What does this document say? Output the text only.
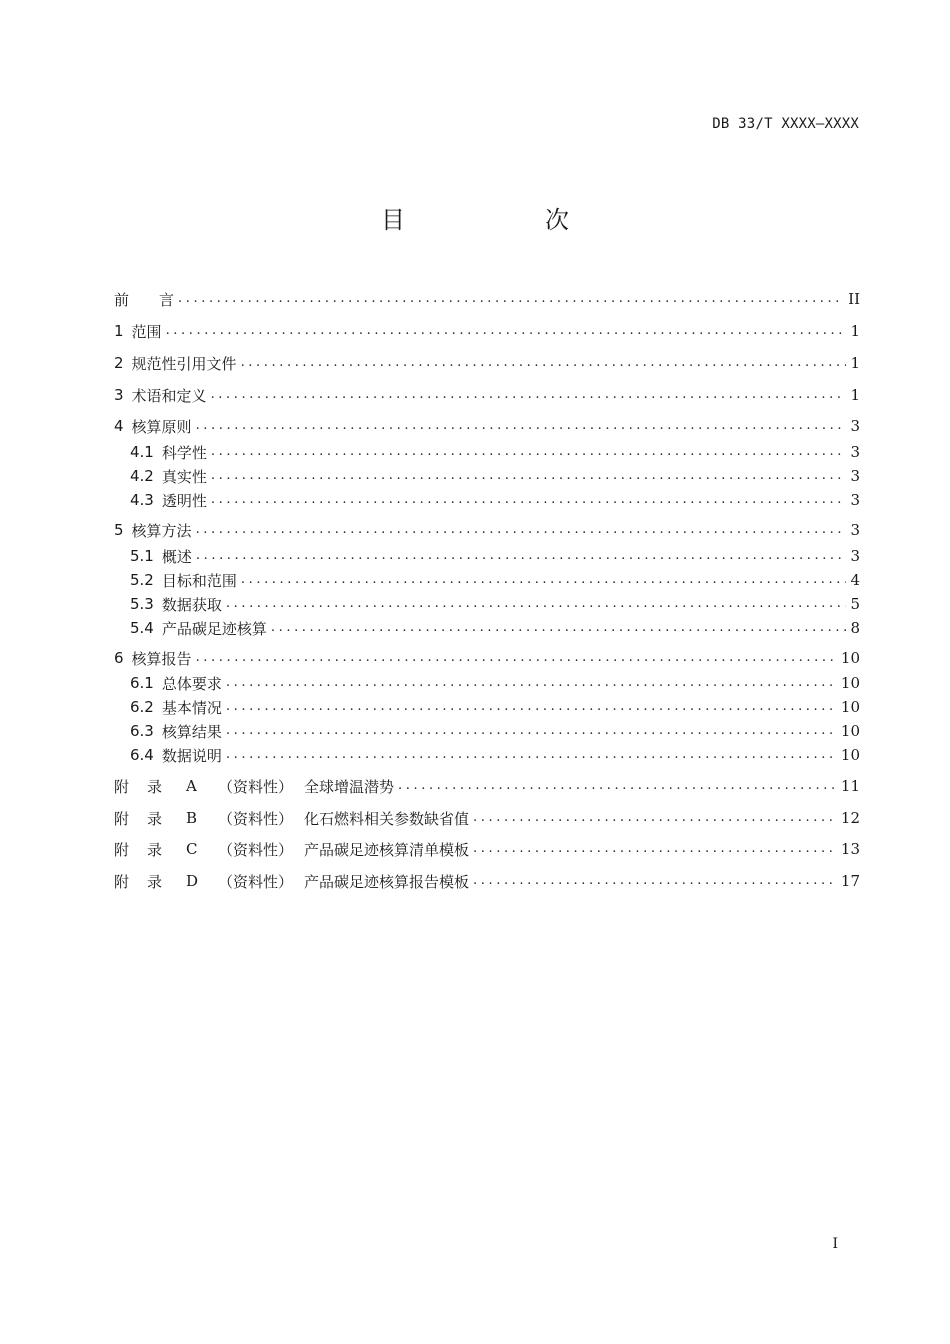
DB 33/T XXXX—XXXX
目　次
前　　言 .....	II
1 范围 .....	1
2 规范性引用文件 .....	1
3 术语和定义 .....	1
4 核算原则 .....	3
4.1 科学性 .....	3
4.2 真实性 .....	3
4.3 透明性 .....	3
5 核算方法 .....	3
5.1 概述 .....	3
5.2 目标和范围 .....	4
5.3 数据获取 .....	5
5.4 产品碳足迹核算 .....	8
6 核算报告 .....	10
6.1 总体要求 .....	10
6.2 基本情况 .....	10
6.3 核算结果 .....	10
6.4 数据说明 .....	10
附录 A	（资料性） 全球增温潜势 .....	11
附录 B	（资料性） 化石燃料相关参数缺省值 .....	12
附录 C	（资料性） 产品碳足迹核算清单模板 .....	13
附录 D	（资料性） 产品碳足迹核算报告模板 .....	17
I
